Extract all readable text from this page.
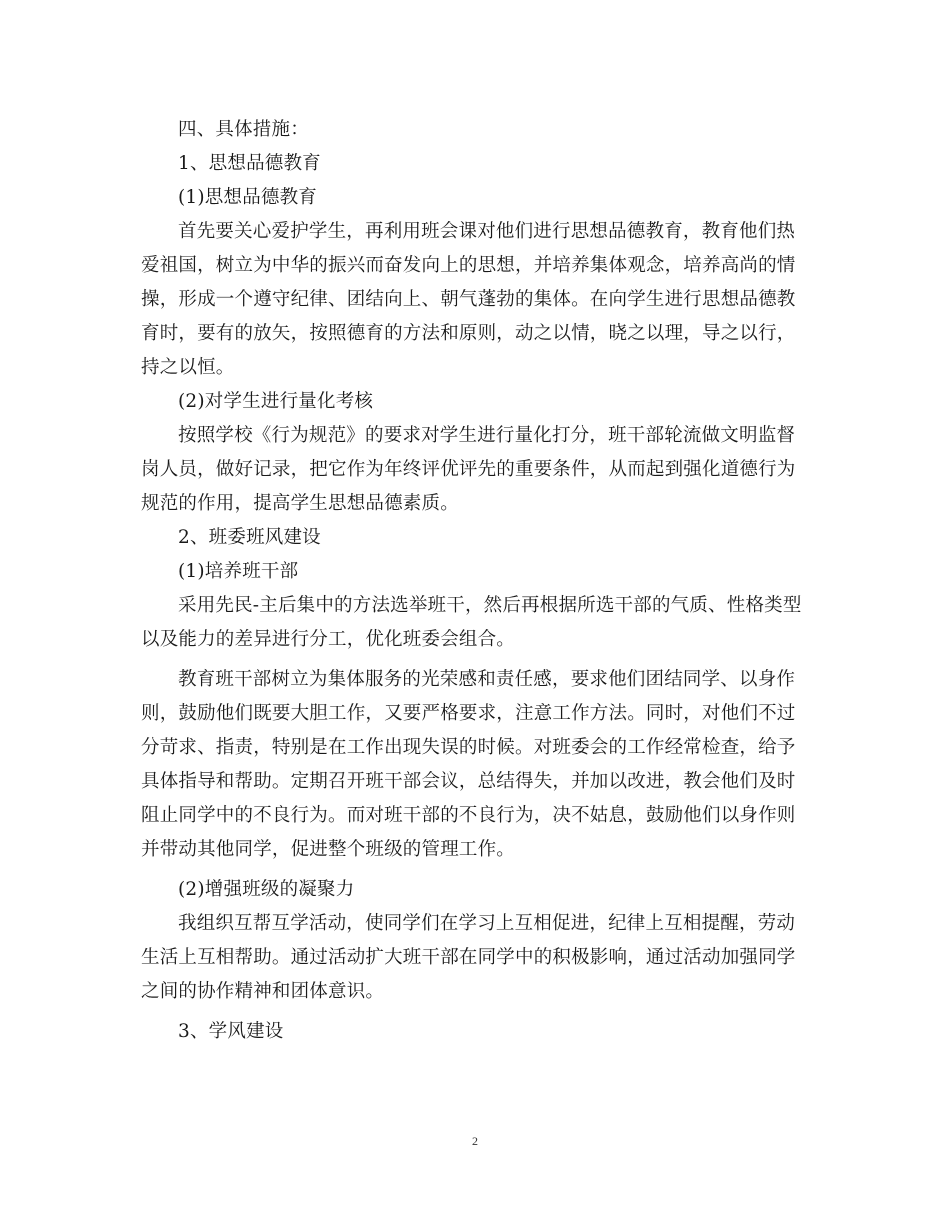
四、具体措施：

1、思想品德教育

(1)思想品德教育

首先要关心爱护学生，再利用班会课对他们进行思想品德教育，教育他们热

爱祖国，树立为中华的振兴而奋发向上的思想，并培养集体观念，培养高尚的情

操，形成一个遵守纪律、团结向上、朝气蓬勃的集体。在向学生进行思想品德教

育时，要有的放矢，按照德育的方法和原则，动之以情，晓之以理，导之以行，

持之以恒。

(2)对学生进行量化考核

按照学校《行为规范》的要求对学生进行量化打分，班干部轮流做文明监督

岗人员，做好记录，把它作为年终评优评先的重要条件，从而起到强化道德行为

规范的作用，提高学生思想品德素质。

2、班委班风建设

(1)培养班干部

采用先民-主后集中的方法选举班干，然后再根据所选干部的气质、性格类型

以及能力的差异进行分工，优化班委会组合。

教育班干部树立为集体服务的光荣感和责任感，要求他们团结同学、以身作

则，鼓励他们既要大胆工作，又要严格要求，注意工作方法。同时，对他们不过

分苛求、指责，特别是在工作出现失误的时候。对班委会的工作经常检查，给予

具体指导和帮助。定期召开班干部会议，总结得失，并加以改进，教会他们及时

阻止同学中的不良行为。而对班干部的不良行为，决不姑息，鼓励他们以身作则

并带动其他同学，促进整个班级的管理工作。

(2)增强班级的凝聚力

我组织互帮互学活动，使同学们在学习上互相促进，纪律上互相提醒，劳动

生活上互相帮助。通过活动扩大班干部在同学中的积极影响，通过活动加强同学

之间的协作精神和团体意识。

3、学风建设

2
